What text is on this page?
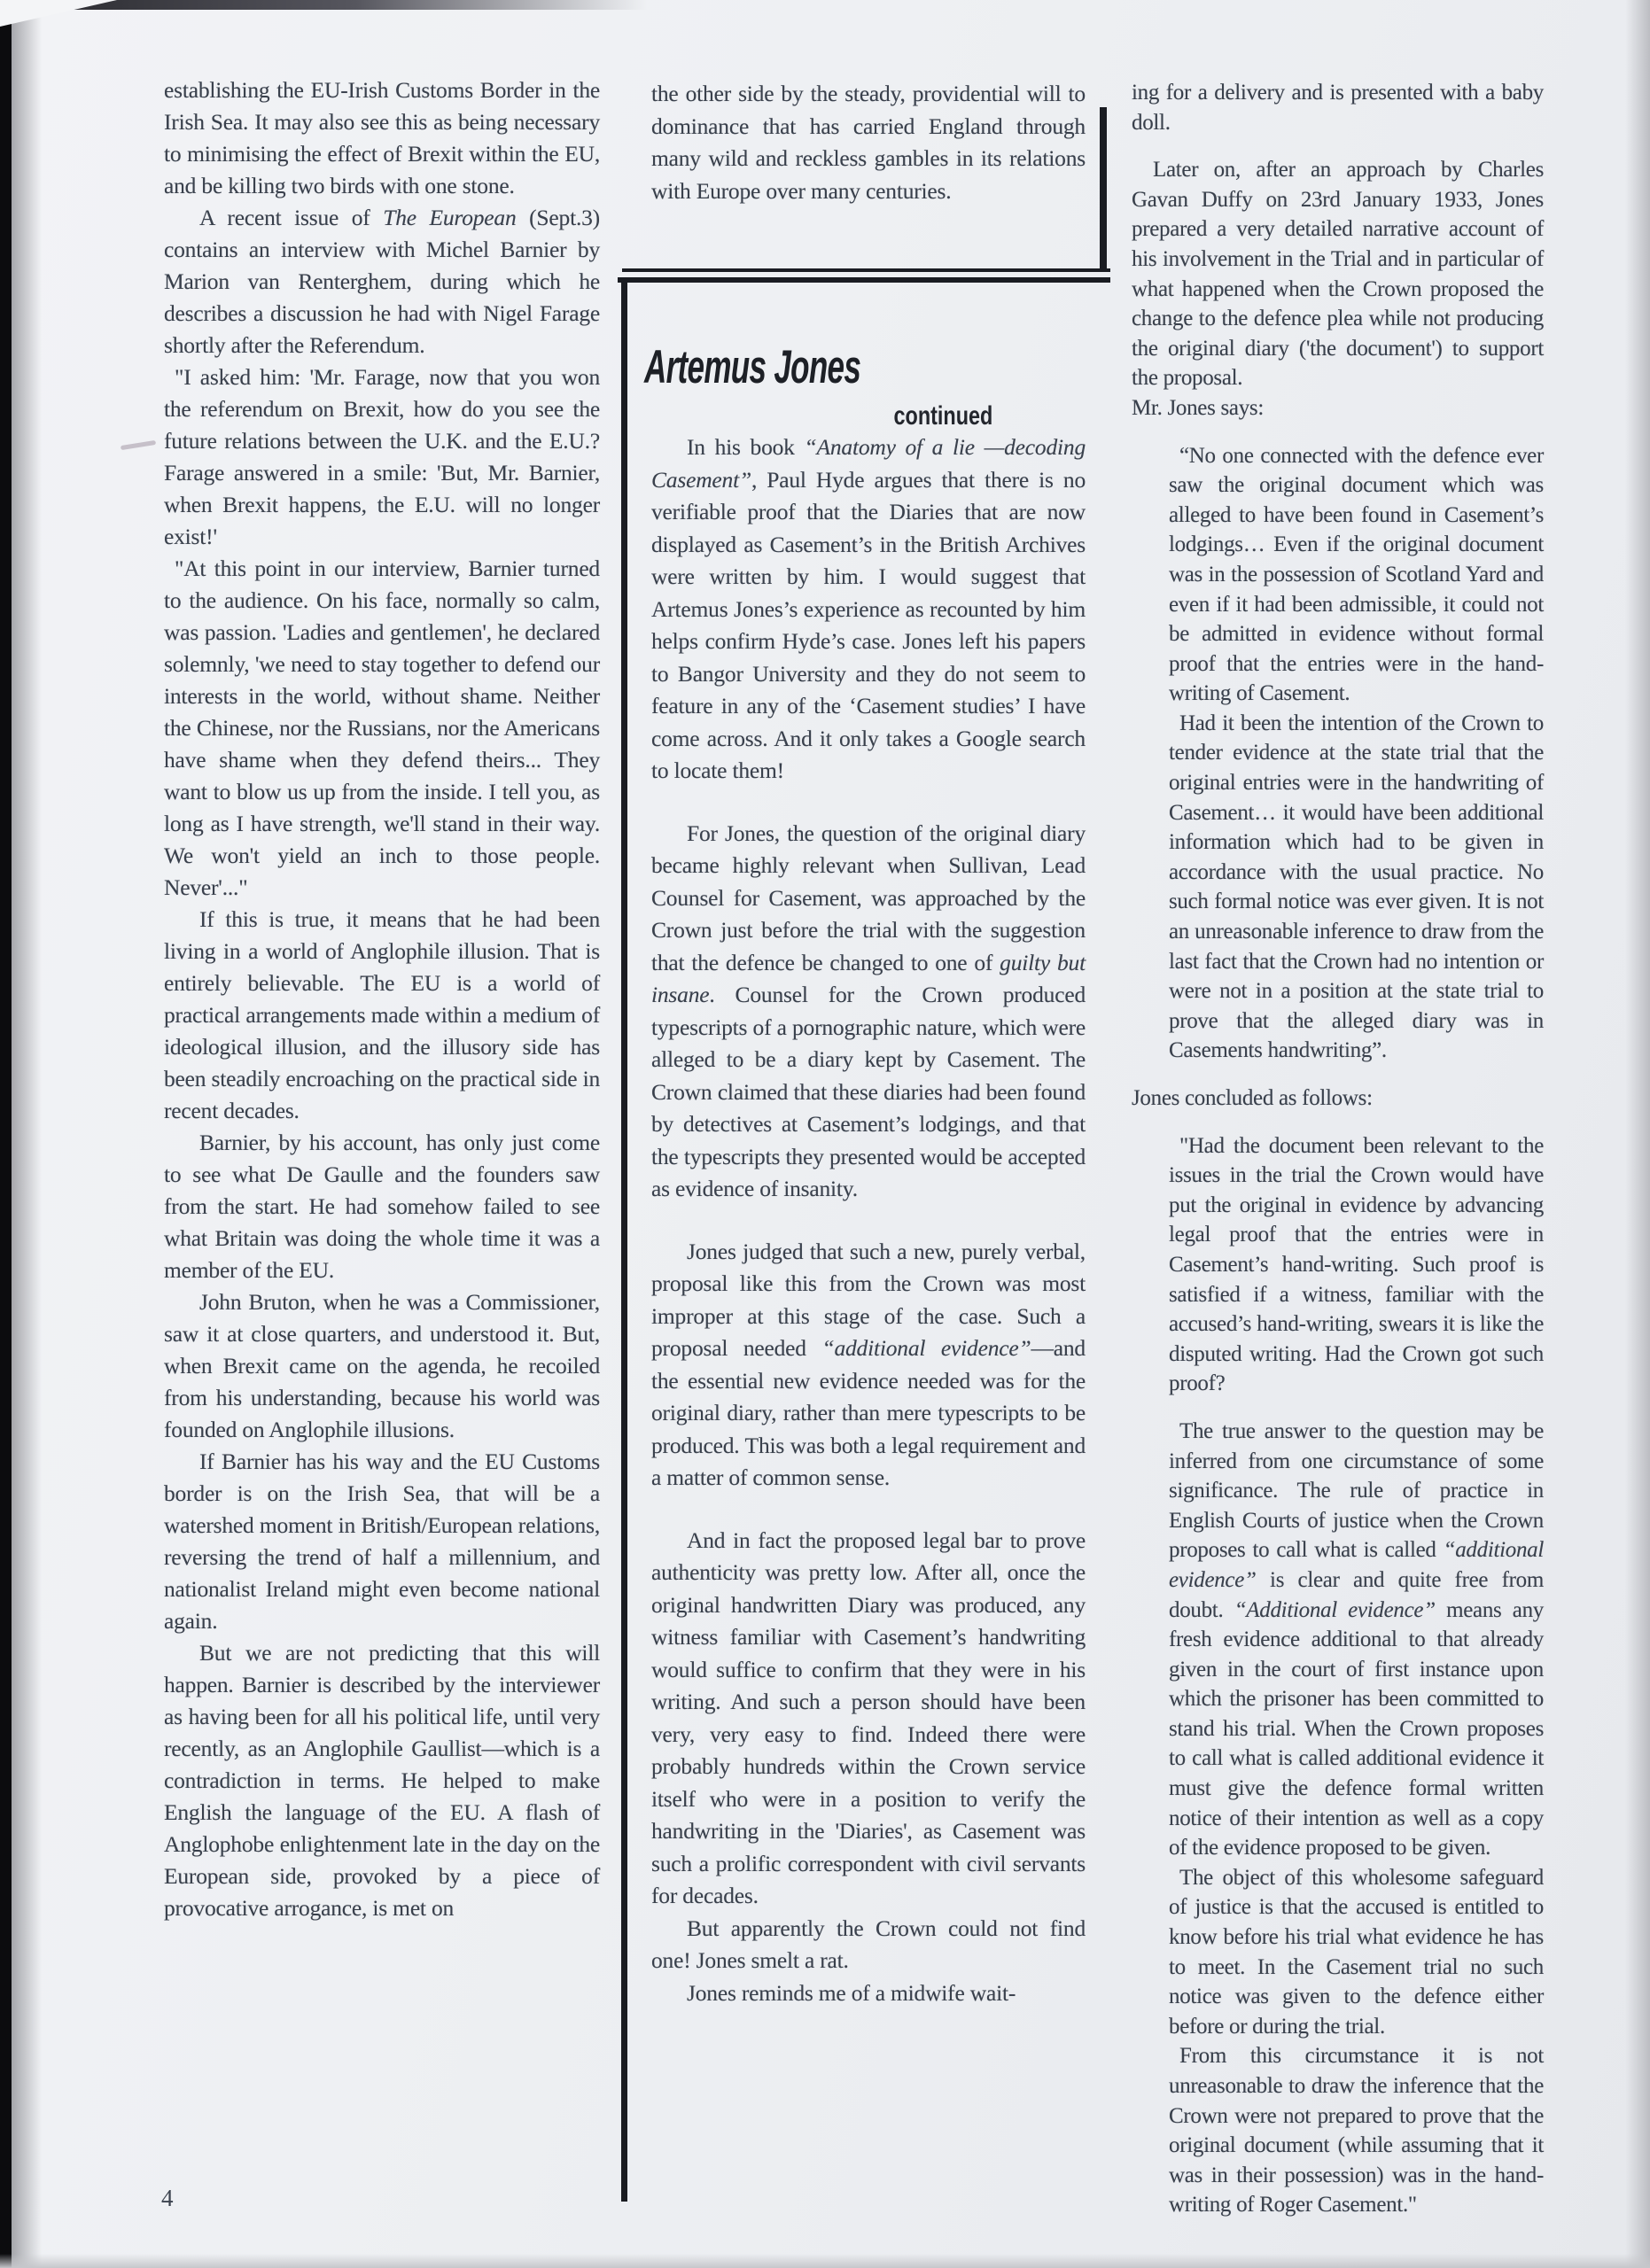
establishing the EU-Irish Customs Border in the Irish Sea. It may also see this as being necessary to minimising the effect of Brexit within the EU, and be killing two birds with one stone.

A recent issue of The European (Sept.3) contains an interview with Michel Barnier by Marion van Renterghem, during which he describes a discussion he had with Nigel Farage shortly after the Referendum.

"I asked him: 'Mr. Farage, now that you won the referendum on Brexit, how do you see the future relations between the U.K. and the E.U.? Farage answered in a smile: 'But, Mr. Barnier, when Brexit happens, the E.U. will no longer exist!'

"At this point in our interview, Barnier turned to the audience. On his face, normally so calm, was passion. 'Ladies and gentlemen', he declared solemnly, 'we need to stay together to defend our interests in the world, without shame. Neither the Chinese, nor the Russians, nor the Americans have shame when they defend theirs... They want to blow us up from the inside. I tell you, as long as I have strength, we'll stand in their way. We won't yield an inch to those people. Never'..."

If this is true, it means that he had been living in a world of Anglophile illusion. That is entirely believable. The EU is a world of practical arrangements made within a medium of ideological illusion, and the illusory side has been steadily encroaching on the practical side in recent decades.

Barnier, by his account, has only just come to see what De Gaulle and the founders saw from the start. He had somehow failed to see what Britain was doing the whole time it was a member of the EU.

John Bruton, when he was a Commissioner, saw it at close quarters, and understood it. But, when Brexit came on the agenda, he recoiled from his understanding, because his world was founded on Anglophile illusions.

If Barnier has his way and the EU Customs border is on the Irish Sea, that will be a watershed moment in British/European relations, reversing the trend of half a millennium, and nationalist Ireland might even become national again.

But we are not predicting that this will happen. Barnier is described by the interviewer as having been for all his political life, until very recently, as an Anglophile Gaullist—which is a contradiction in terms. He helped to make English the language of the EU. A flash of Anglophobe enlightenment late in the day on the European side, provoked by a piece of provocative arrogance, is met on

the other side by the steady, providential will to dominance that has carried England through many wild and reckless gambles in its relations with Europe over many centuries.

Artemus Jones
continued

In his book “Anatomy of a lie —decoding Casement”, Paul Hyde argues that there is no verifiable proof that the Diaries that are now displayed as Casement’s in the British Archives were written by him. I would suggest that Artemus Jones’s experience as recounted by him helps confirm Hyde’s case. Jones left his papers to Bangor University and they do not seem to feature in any of the ‘Casement studies’ I have come across. And it only takes a Google search to locate them!

For Jones, the question of the original diary became highly relevant when Sullivan, Lead Counsel for Casement, was approached by the Crown just before the trial with the suggestion that the defence be changed to one of guilty but insane. Counsel for the Crown produced typescripts of a pornographic nature, which were alleged to be a diary kept by Casement. The Crown claimed that these diaries had been found by detectives at Casement’s lodgings, and that the typescripts they presented would be accepted as evidence of insanity.

Jones judged that such a new, purely verbal, proposal like this from the Crown was most improper at this stage of the case. Such a proposal needed “additional evidence”—and the essential new evidence needed was for the original diary, rather than mere typescripts to be produced. This was both a legal requirement and a matter of common sense.

And in fact the proposed legal bar to prove authenticity was pretty low. After all, once the original handwritten Diary was produced, any witness familiar with Casement’s handwriting would suffice to confirm that they were in his writing. And such a person should have been very, very easy to find. Indeed there were probably hundreds within the Crown service itself who were in a position to verify the handwriting in the 'Diaries', as Casement was such a prolific correspondent with civil servants for decades.

But apparently the Crown could not find one! Jones smelt a rat.

Jones reminds me of a midwife wait-

ing for a delivery and is presented with a baby doll.

Later on, after an approach by Charles Gavan Duffy on 23rd January 1933, Jones prepared a very detailed narrative account of his involvement in the Trial and in particular of what happened when the Crown proposed the change to the defence plea while not producing the original diary ('the document') to support the proposal.

Mr. Jones says:

“No one connected with the defence ever saw the original document which was alleged to have been found in Casement’s lodgings… Even if the original document was in the possession of Scotland Yard and even if it had been admissible, it could not be admitted in evidence without formal proof that the entries were in the hand-writing of Casement.

Had it been the intention of the Crown to tender evidence at the state trial that the original entries were in the handwriting of Casement… it would have been additional information which had to be given in accordance with the usual practice. No such formal notice was ever given. It is not an unreasonable inference to draw from the last fact that the Crown had no intention or were not in a position at the state trial to prove that the alleged diary was in Casements handwriting”.

Jones concluded as follows:

"Had the document been relevant to the issues in the trial the Crown would have put the original in evidence by advancing legal proof that the entries were in Casement’s hand-writing. Such proof is satisfied if a witness, familiar with the accused’s hand-writing, swears it is like the disputed writing. Had the Crown got such proof?

The true answer to the question may be inferred from one circumstance of some significance. The rule of practice in English Courts of justice when the Crown proposes to call what is called “additional evidence” is clear and quite free from doubt. “Additional evidence” means any fresh evidence additional to that already given in the court of first instance upon which the prisoner has been committed to stand his trial. When the Crown proposes to call what is called additional evidence it must give the defence formal written notice of their intention as well as a copy of the evidence proposed to be given.

The object of this wholesome safeguard of justice is that the accused is entitled to know before his trial what evidence he has to meet. In the Casement trial no such notice was given to the defence either before or during the trial.

From this circumstance it is not unreasonable to draw the inference that the Crown were not prepared to prove that the original document (while assuming that it was in their possession) was in the hand-writing of Roger Casement."

4
